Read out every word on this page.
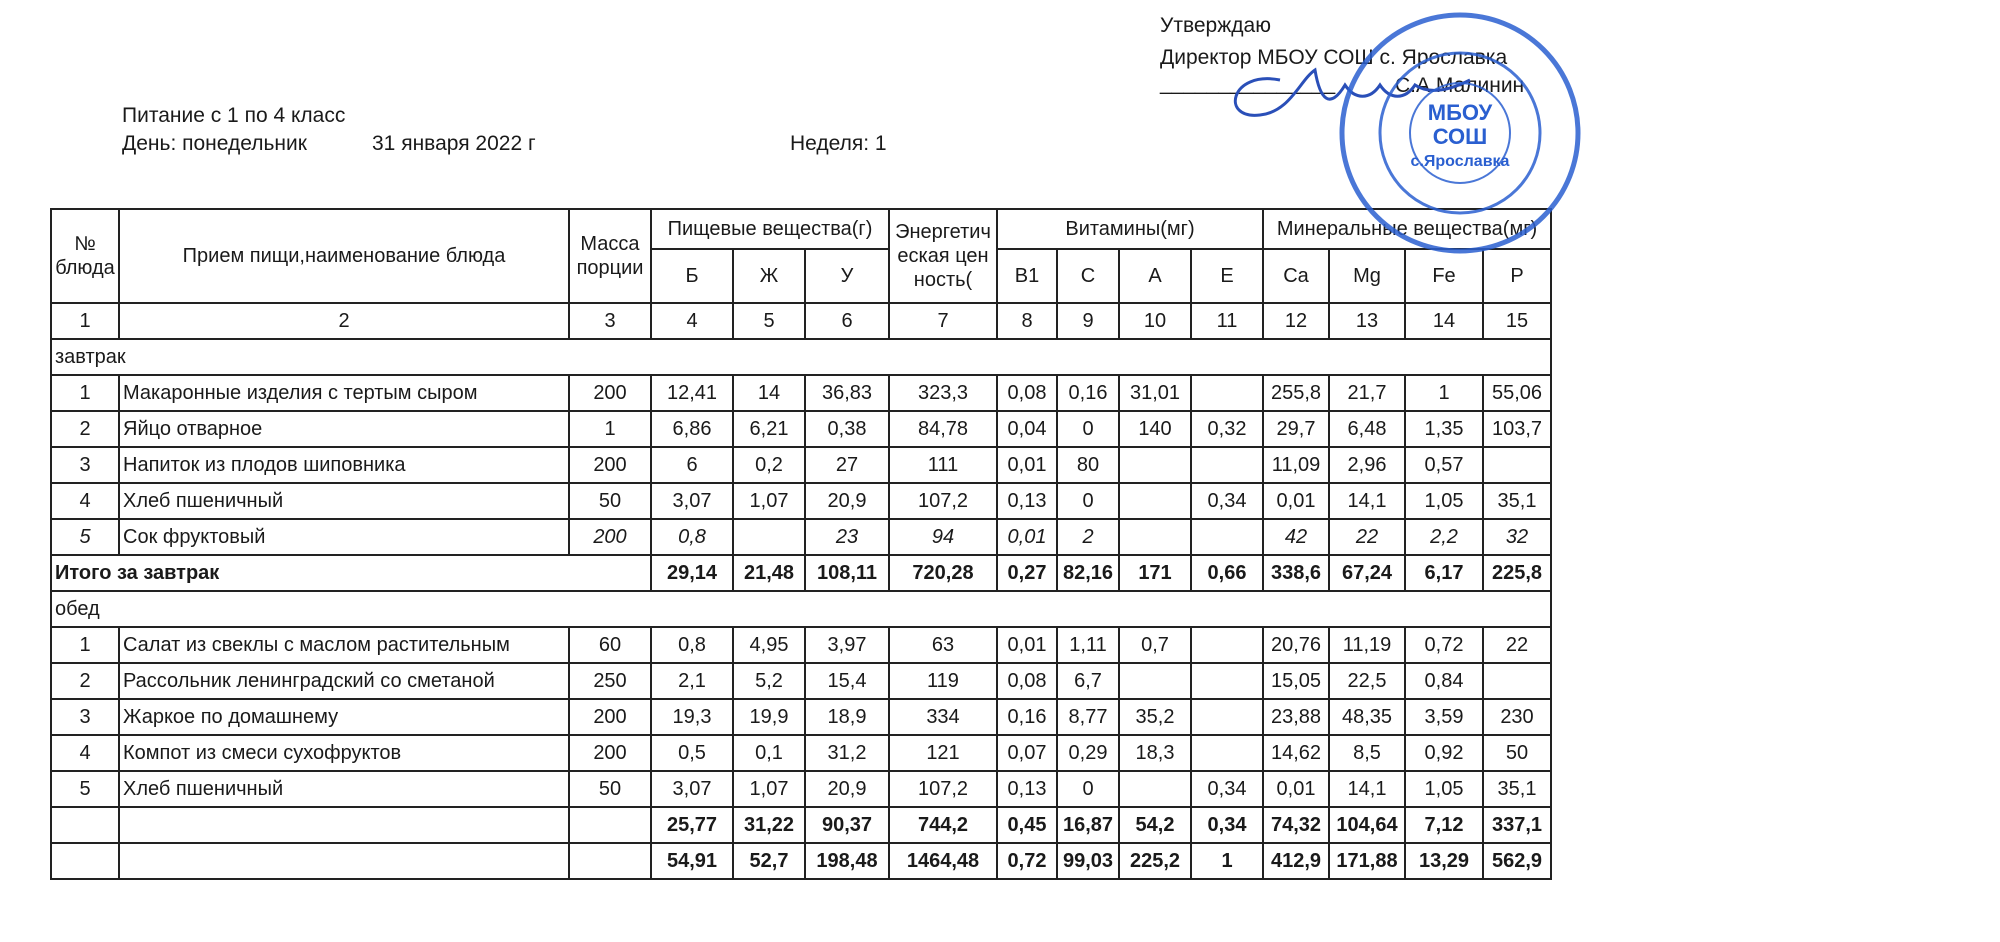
Утверждаю
Директор МБОУ СОШ с. Ярославка
_______________	С.А.Малинин
Питание с 1 по 4 класс
День: понедельник	31 января 2022 г	Неделя: 1
№ блюда	Прием пищи,наименование блюда	Масса порции	Пищевые вещества(г)			Энергетическая ценность(	Витамины(мг)				Минеральные вещества(мг)			
			Б	Ж	У		B1	C	A	E	Ca	Mg	Fe	P
1	2	3	4	5	6	7	8	9	10	11	12	13	14	15
завтрак														
1	Макаронные изделия с тертым сыром	200	12,41	14	36,83	323,3	0,08	0,16	31,01		255,8	21,7	1	55,06
2	Яйцо отварное	1	6,86	6,21	0,38	84,78	0,04	0	140	0,32	29,7	6,48	1,35	103,7
3	Напиток из плодов шиповника	200	6	0,2	27	111	0,01	80			11,09	2,96	0,57	
4	Хлеб пшеничный	50	3,07	1,07	20,9	107,2	0,13	0		0,34	0,01	14,1	1,05	35,1
5	Сок фруктовый	200	0,8		23	94	0,01	2			42	22	2,2	32
Итого за завтрак			29,14	21,48	108,11	720,28	0,27	82,16	171	0,66	338,6	67,24	6,17	225,8
обед														
1	Салат из свеклы с маслом растительным	60	0,8	4,95	3,97	63	0,01	1,11	0,7		20,76	11,19	0,72	22
2	Рассольник ленинградский со сметаной	250	2,1	5,2	15,4	119	0,08	6,7			15,05	22,5	0,84	
3	Жаркое по домашнему	200	19,3	19,9	18,9	334	0,16	8,77	35,2		23,88	48,35	3,59	230
4	Компот из смеси сухофруктов	200	0,5	0,1	31,2	121	0,07	0,29	18,3		14,62	8,5	0,92	50
5	Хлеб пшеничный	50	3,07	1,07	20,9	107,2	0,13	0		0,34	0,01	14,1	1,05	35,1
			25,77	31,22	90,37	744,2	0,45	16,87	54,2	0,34	74,32	104,64	7,12	337,1
			54,91	52,7	198,48	1464,48	0,72	99,03	225,2	1	412,9	171,88	13,29	562,9
МБОУ
СОШ
с.Ярославка
